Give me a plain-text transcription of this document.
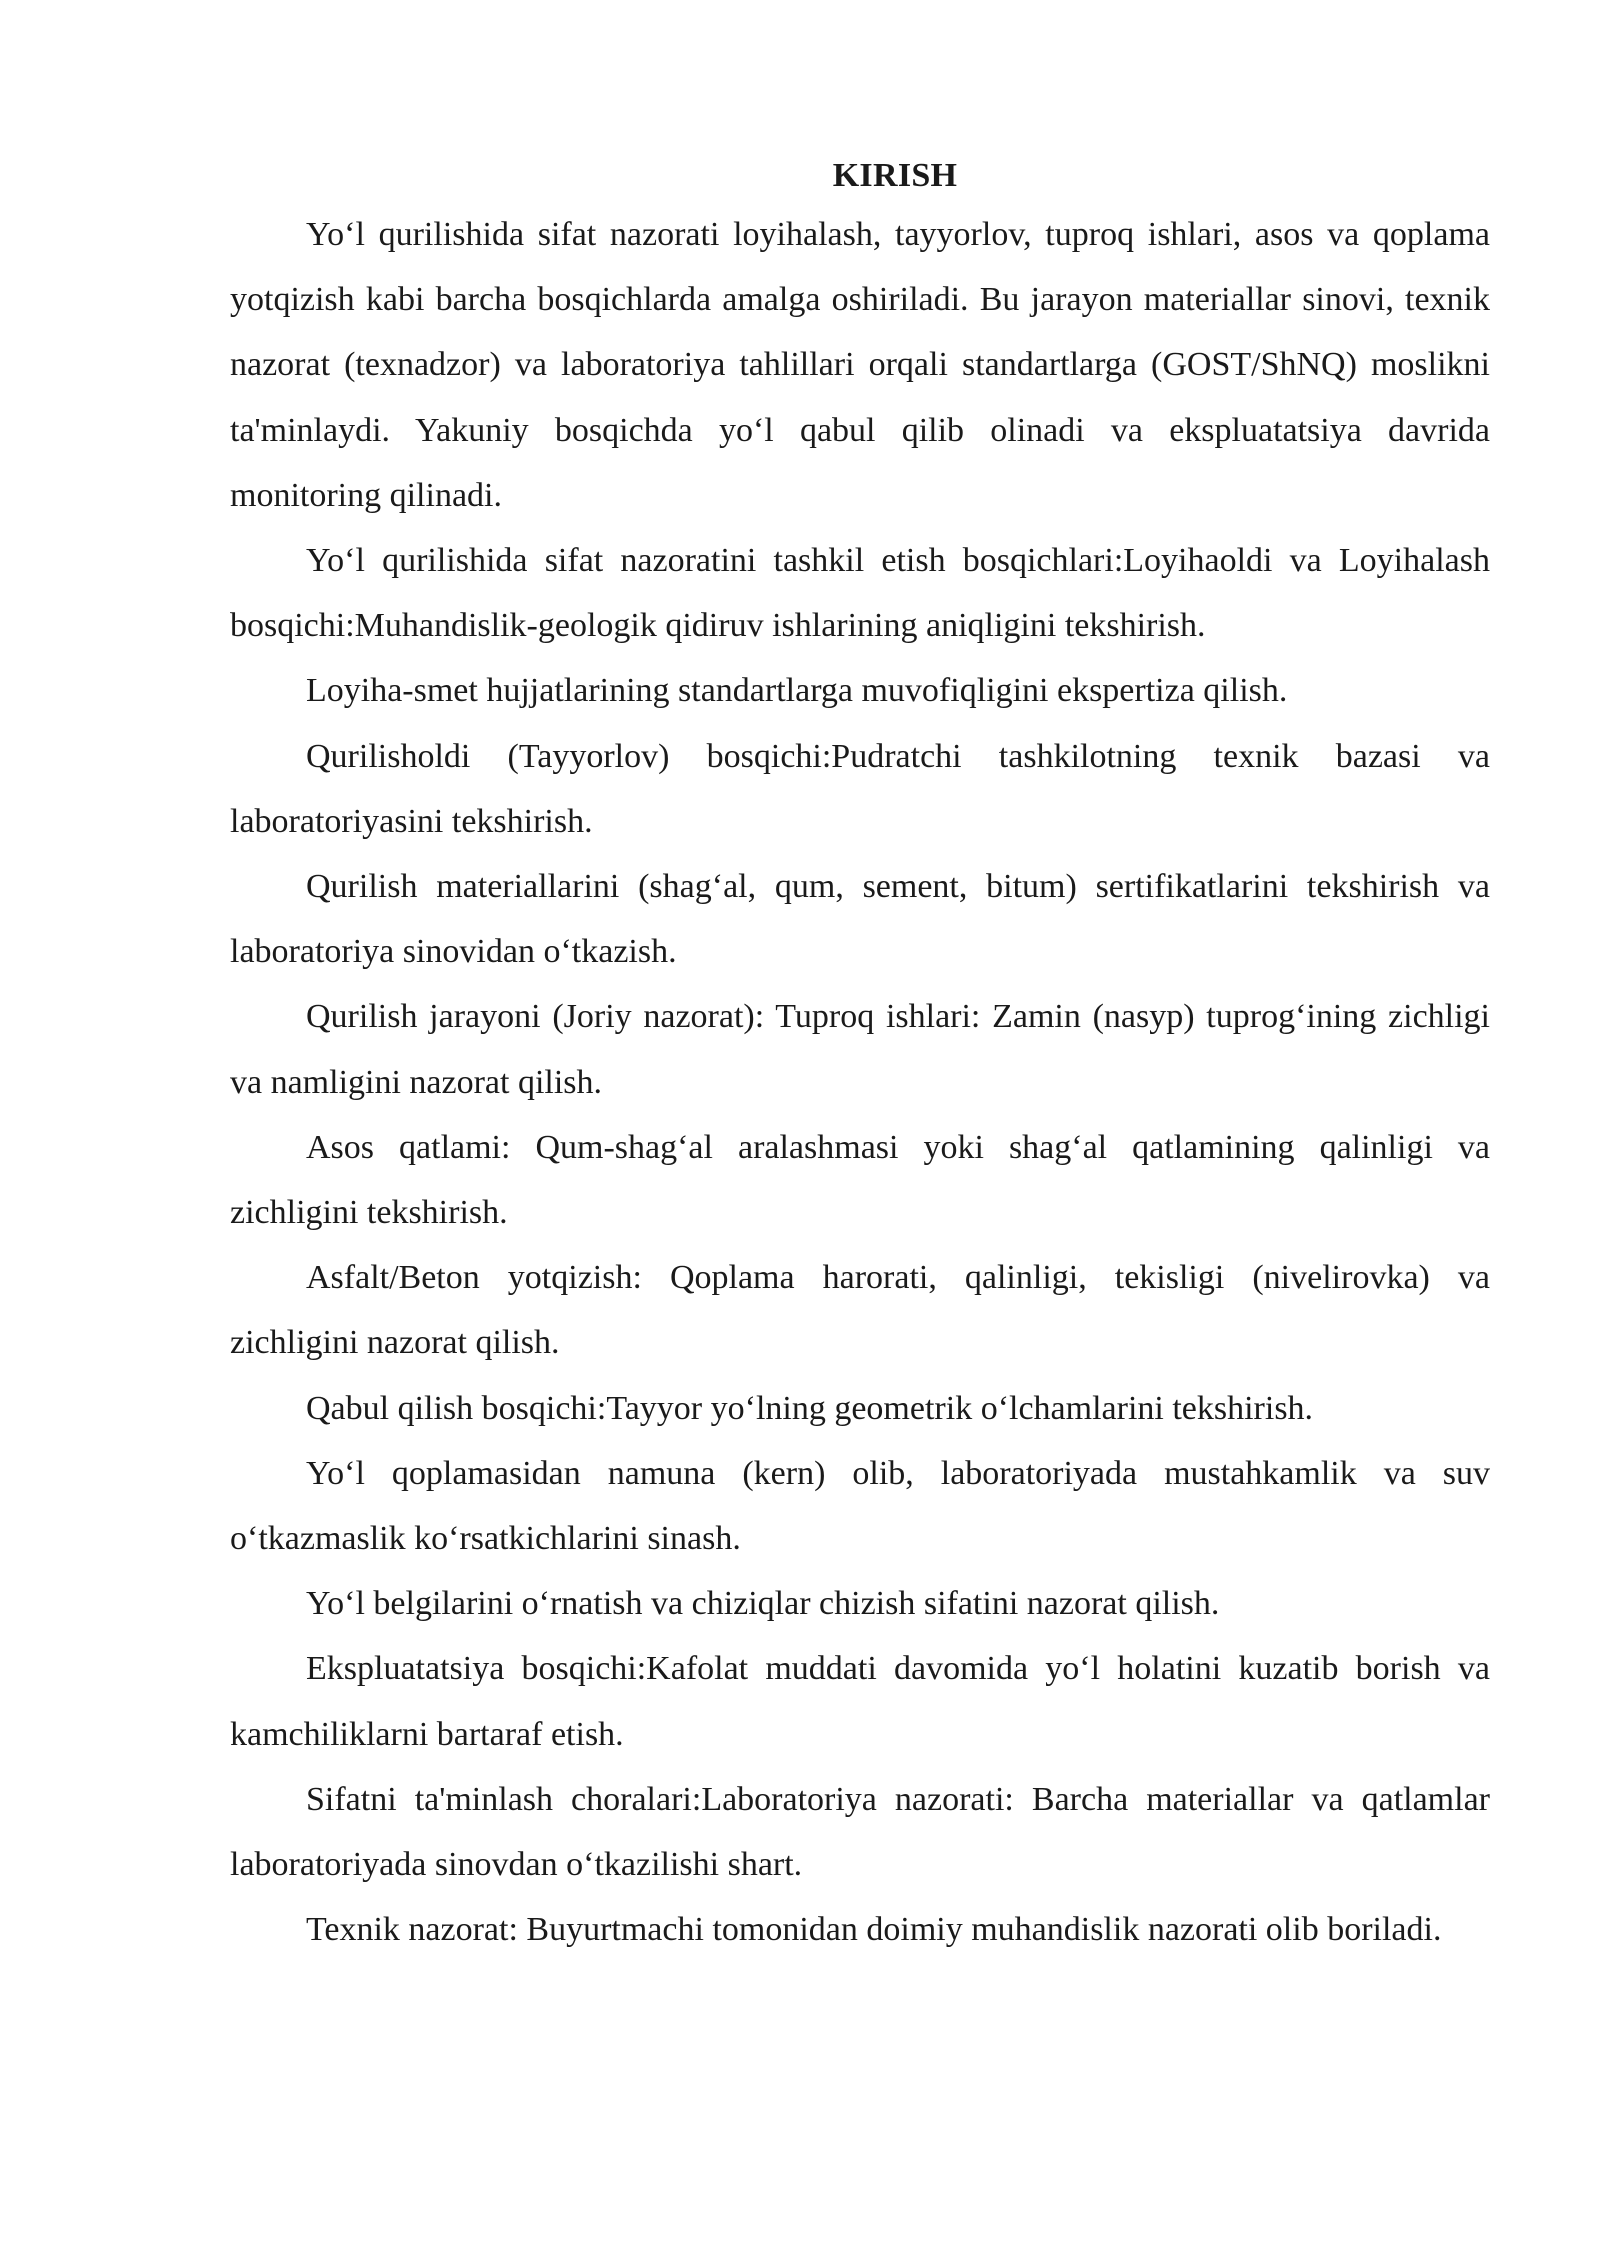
KIRISH

Yo‘l qurilishida sifat nazorati loyihalash, tayyorlov, tuproq ishlari, asos va qoplama yotqizish kabi barcha bosqichlarda amalga oshiriladi. Bu jarayon materiallar sinovi, texnik nazorat (texnadzor) va laboratoriya tahlillari orqali standartlarga (GOST/ShNQ) moslikni ta'minlaydi. Yakuniy bosqichda yo‘l qabul qilib olinadi va ekspluatatsiya davrida monitoring qilinadi.

Yo‘l qurilishida sifat nazoratini tashkil etish bosqichlari:Loyihaoldi va Loyihalash bosqichi:Muhandislik-geologik qidiruv ishlarining aniqligini tekshirish.

Loyiha-smet hujjatlarining standartlarga muvofiqligini ekspertiza qilish.

Qurilisholdi (Tayyorlov) bosqichi:Pudratchi tashkilotning texnik bazasi va laboratoriyasini tekshirish.

Qurilish materiallarini (shag‘al, qum, sement, bitum) sertifikatlarini tekshirish va laboratoriya sinovidan o‘tkazish.

Qurilish jarayoni (Joriy nazorat): Tuproq ishlari: Zamin (nasyp) tuprog‘ining zichligi va namligini nazorat qilish.

Asos qatlami: Qum-shag‘al aralashmasi yoki shag‘al qatlamining qalinligi va zichligini tekshirish.

Asfalt/Beton yotqizish: Qoplama harorati, qalinligi, tekisligi (nivelirovka) va zichligini nazorat qilish.

Qabul qilish bosqichi:Tayyor yo‘lning geometrik o‘lchamlarini tekshirish.

Yo‘l qoplamasidan namuna (kern) olib, laboratoriyada mustahkamlik va suv o‘tkazmaslik ko‘rsatkichlarini sinash.

Yo‘l belgilarini o‘rnatish va chiziqlar chizish sifatini nazorat qilish.

Ekspluatatsiya bosqichi:Kafolat muddati davomida yo‘l holatini kuzatib borish va kamchiliklarni bartaraf etish.

Sifatni ta'minlash choralari:Laboratoriya nazorati: Barcha materiallar va qatlamlar laboratoriyada sinovdan o‘tkazilishi shart.

Texnik nazorat: Buyurtmachi tomonidan doimiy muhandislik nazorati olib boriladi.
